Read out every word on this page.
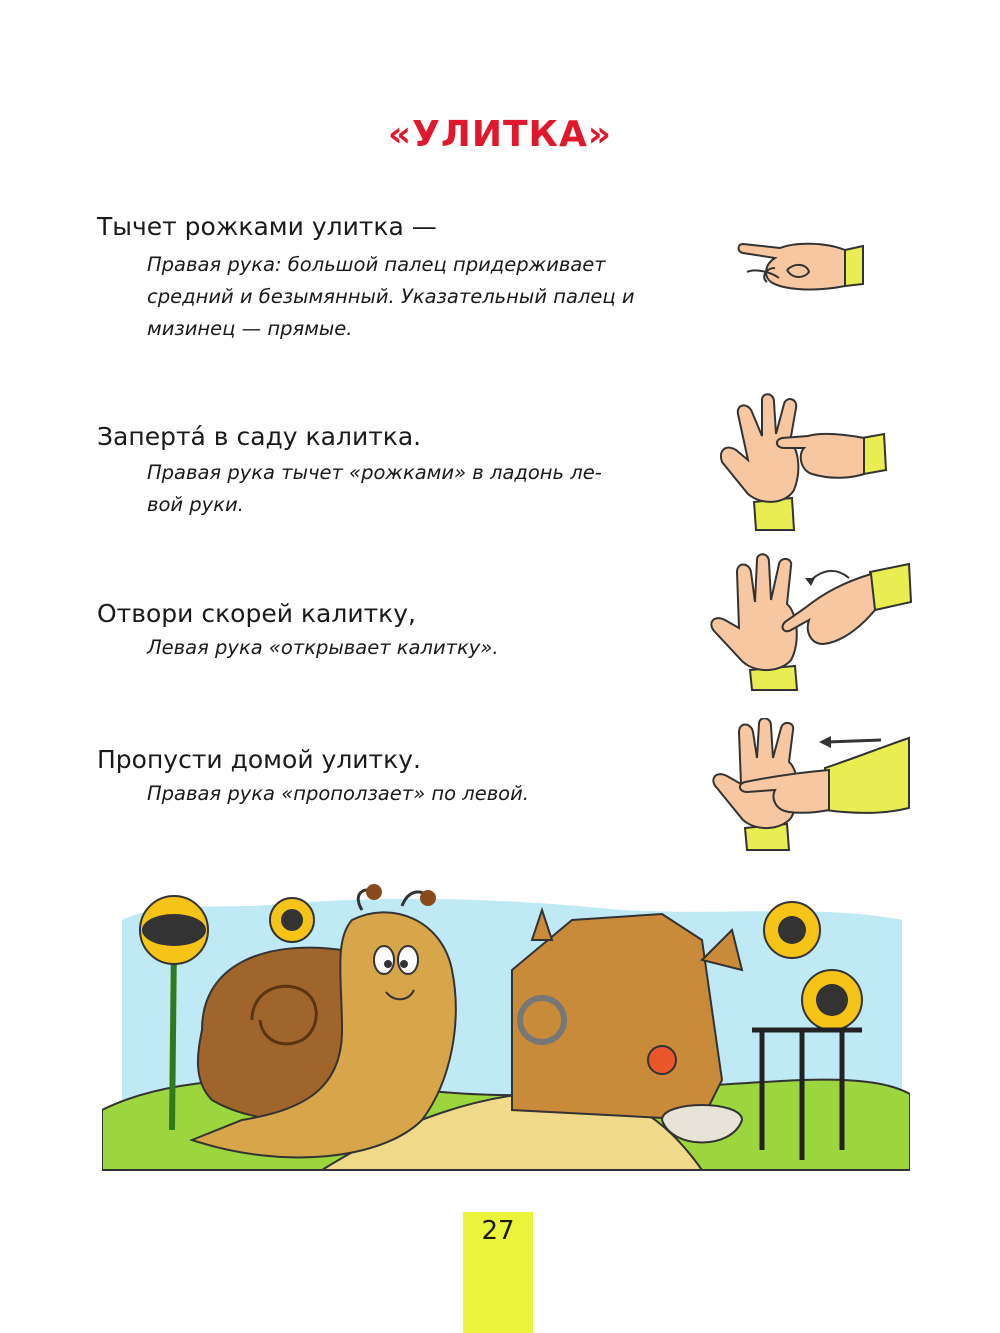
«УЛИТКА»
Тычет рожками улитка —
Правая рука: большой палец придерживает средний и безымянный. Указательный палец и мизинец — прямые.
Заперта́ в саду калитка.
Правая рука тычет «рожками» в ладонь ле-
вой руки.
Отвори скорей калитку,
Левая рука «открывает калитку».
Пропусти домой улитку.
Правая рука «проползает» по левой.
27
